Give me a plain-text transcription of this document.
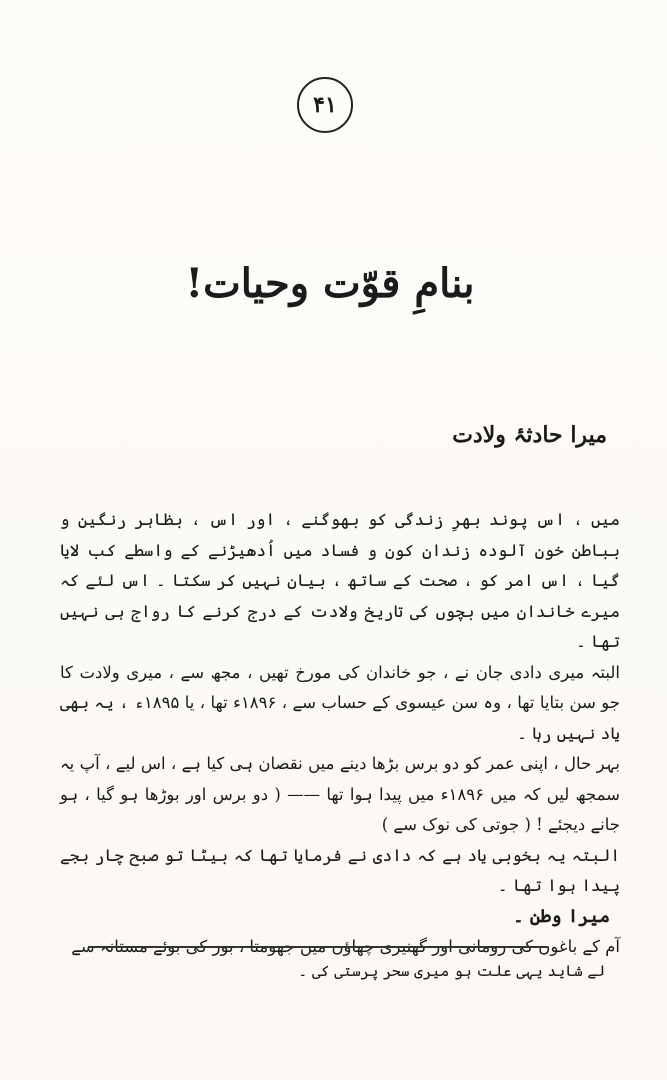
۴۱
بنامِ قوّت وحیات!
میرا حادثۂ ولادت

میں ، اس پوند بھرِ زندگی کو بھوگنے ، اور اس ، بظاہر رنگین و بباطن خون آلودہ زندان کون و فساد میں اُدھیڑنے کے واسطے کب لایا گیا ، اس امر کو ، صحت کے ساتھ ، بیان نہیں کر سکتا ۔ اس لئے کہ میرے خاندان میں بچوں کی تاریخ ولادت کے درج کرنے کا رواج ہی نہیں تھا ۔

البتہ میری دادی جان نے ، جو خاندان کی مورخ تھیں ، مجھ سے ، میری ولادت کا جو سن بتایا تھا ، وہ سن عیسوی کے حساب سے ، ۱۸۹۶ء تھا ، یا ۱۸۹۵ء ، یہ بھی یاد نہیں رہا ۔

بہر حال ، اپنی عمر کو دو برس بڑھا دینے میں نقصان ہی کیا ہے ، اس لیے ، آپ یہ سمجھ لیں کہ میں ۱۸۹۶ء میں پیدا ہوا تھا —— ( دو برس اور بوڑھا ہو گیا ، ہو جانے دیجئے ! ( جوتی کی نوک سے )

البتہ یہ بخوبی یاد ہے کہ دادی نے فرمایا تھا کہ بیٹا تو صبح چار بجے پیدا ہوا تھا ۔

میرا وطن ۔

آم کے باغوں کی رومانی اور گھنیری چھاؤں میں جھومتا ، بور کی بوئے مستانہ سے

لے شاید یہی علت ہو میری سحر پرستی کی ۔
